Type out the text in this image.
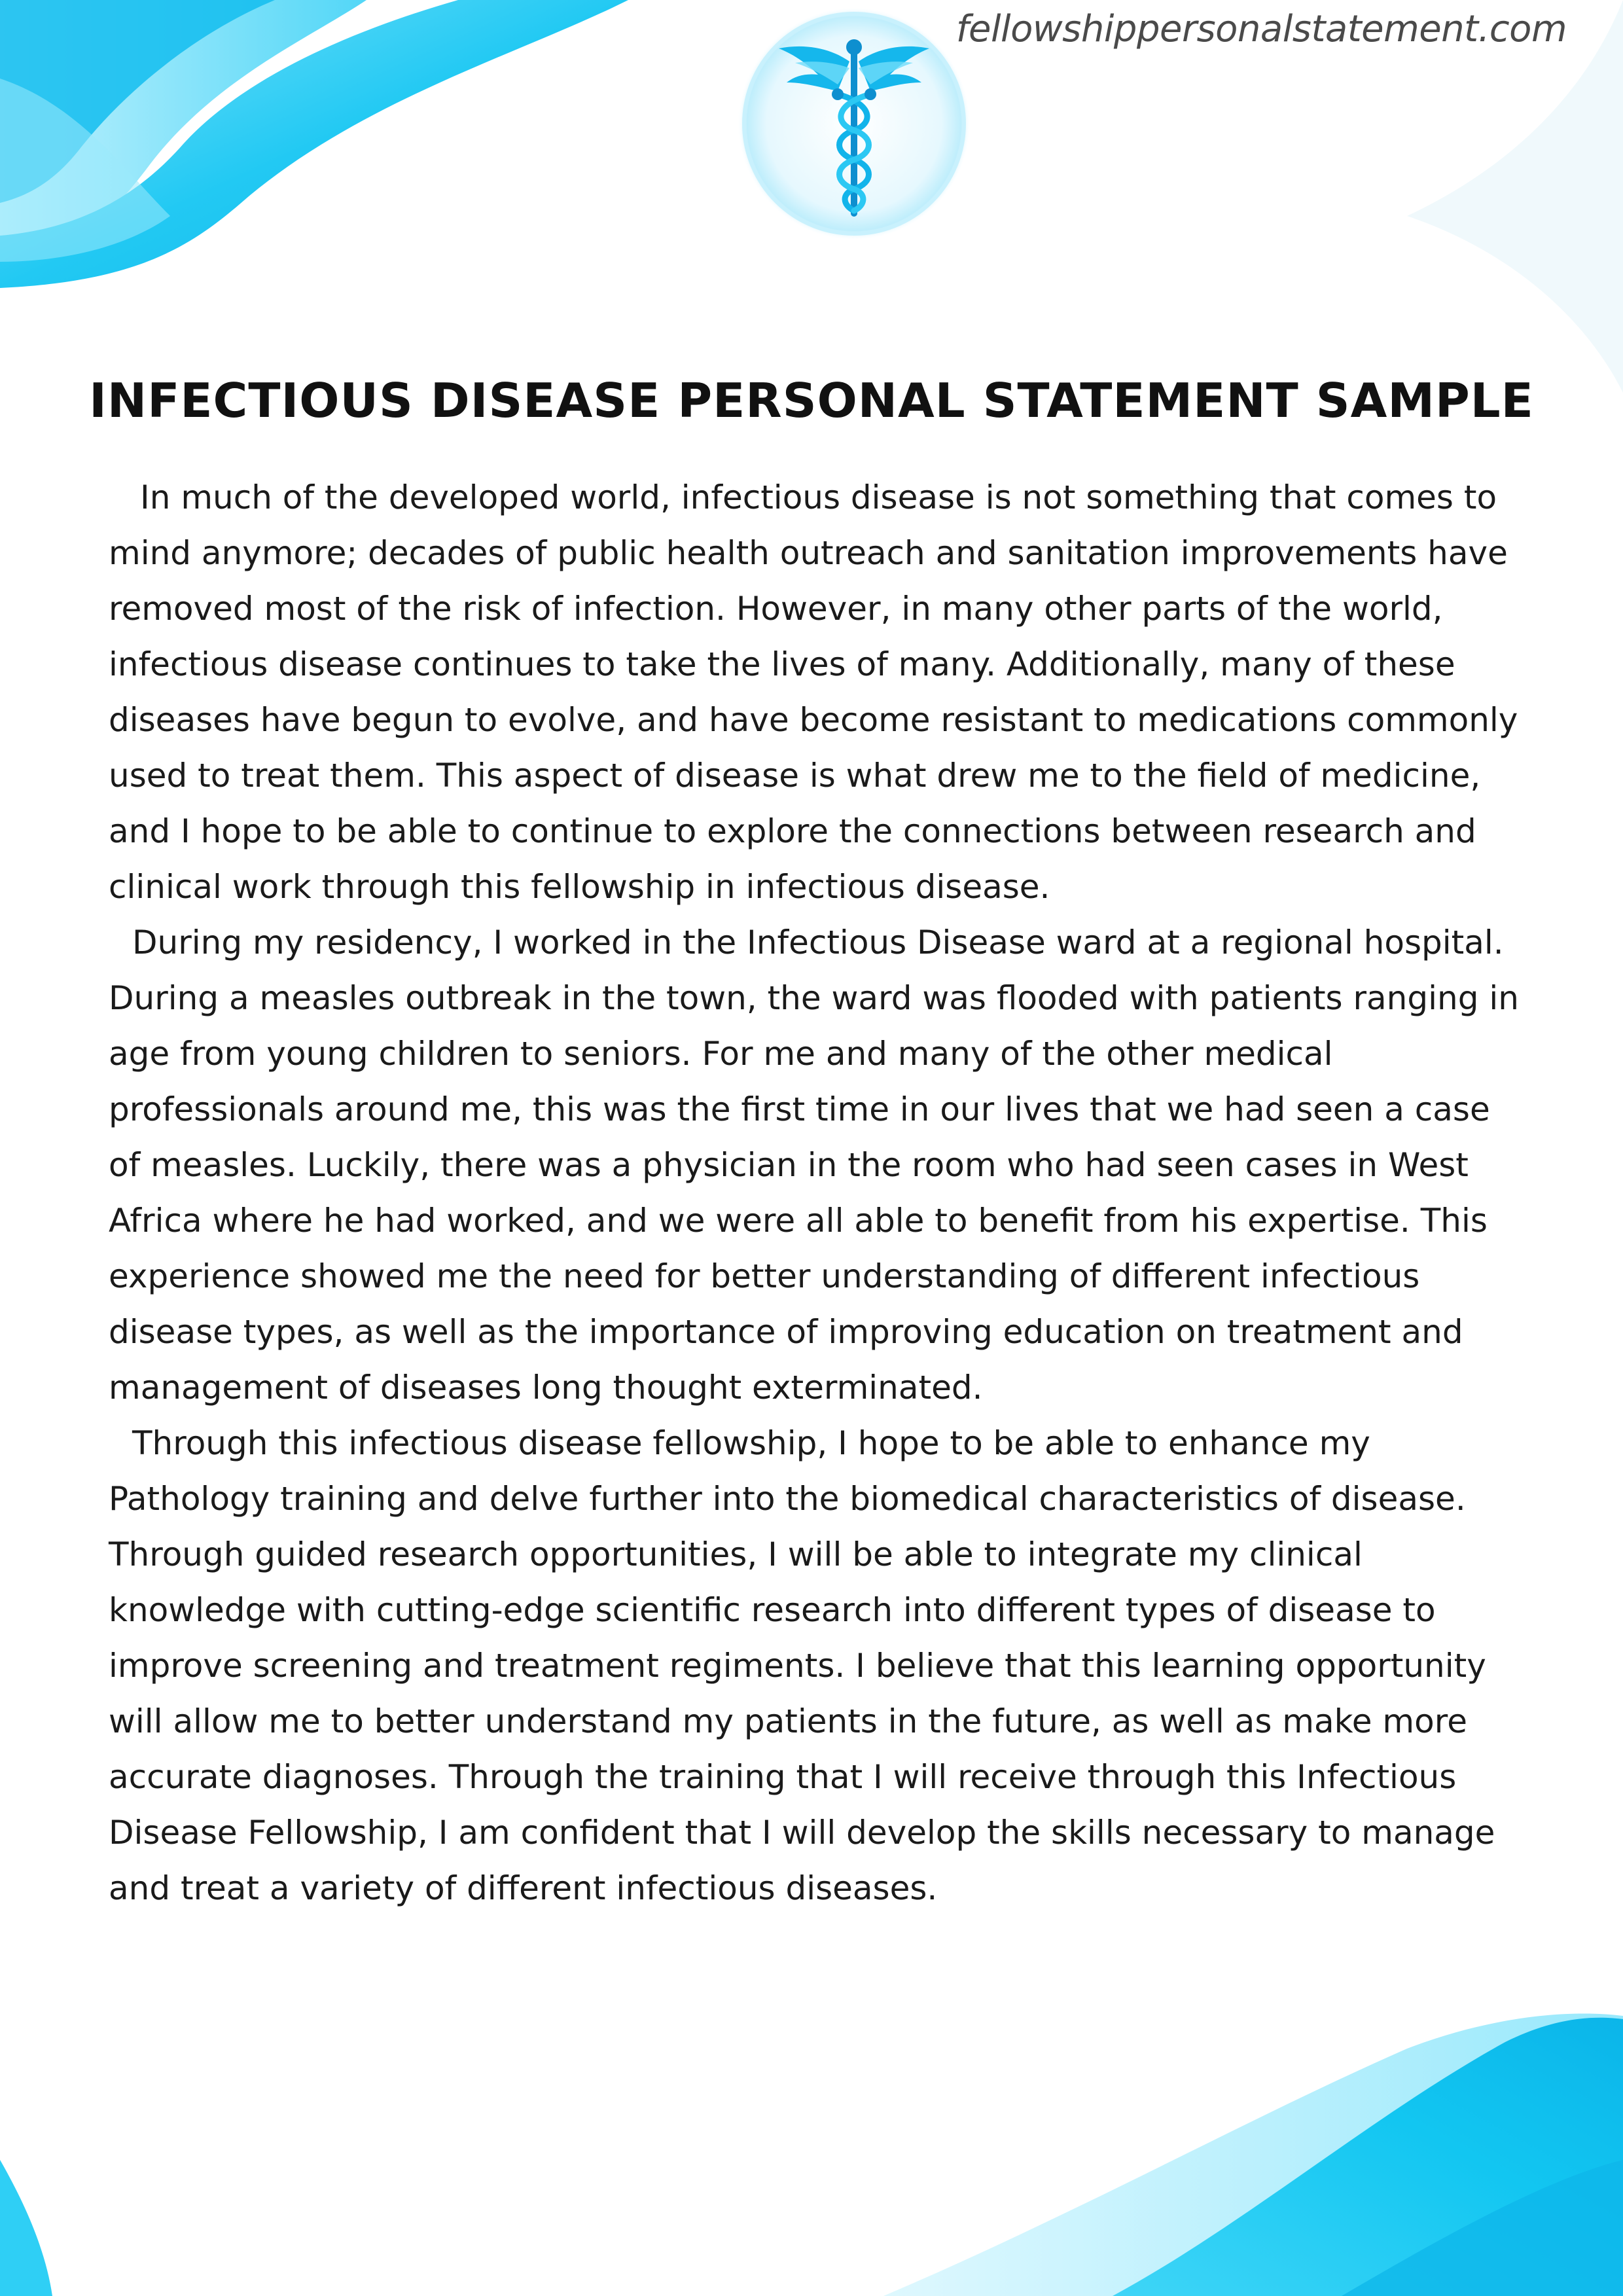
fellowshippersonalstatement.com
INFECTIOUS DISEASE PERSONAL STATEMENT SAMPLE

In much of the developed world, infectious disease is not something that comes to mind anymore; decades of public health outreach and sanitation improvements have removed most of the risk of infection. However, in many other parts of the world, infectious disease continues to take the lives of many. Additionally, many of these diseases have begun to evolve, and have become resistant to medications commonly used to treat them. This aspect of disease is what drew me to the field of medicine, and I hope to be able to continue to explore the connections between research and clinical work through this fellowship in infectious disease.

During my residency, I worked in the Infectious Disease ward at a regional hospital. During a measles outbreak in the town, the ward was flooded with patients ranging in age from young children to seniors. For me and many of the other medical professionals around me, this was the first time in our lives that we had seen a case of measles. Luckily, there was a physician in the room who had seen cases in West Africa where he had worked, and we were all able to benefit from his expertise. This experience showed me the need for better understanding of different infectious disease types, as well as the importance of improving education on treatment and management of diseases long thought exterminated.

Through this infectious disease fellowship, I hope to be able to enhance my Pathology training and delve further into the biomedical characteristics of disease. Through guided research opportunities, I will be able to integrate my clinical knowledge with cutting-edge scientific research into different types of disease to improve screening and treatment regiments. I believe that this learning opportunity will allow me to better understand my patients in the future, as well as make more accurate diagnoses. Through the training that I will receive through this Infectious Disease Fellowship, I am confident that I will develop the skills necessary to manage and treat a variety of different infectious diseases.
